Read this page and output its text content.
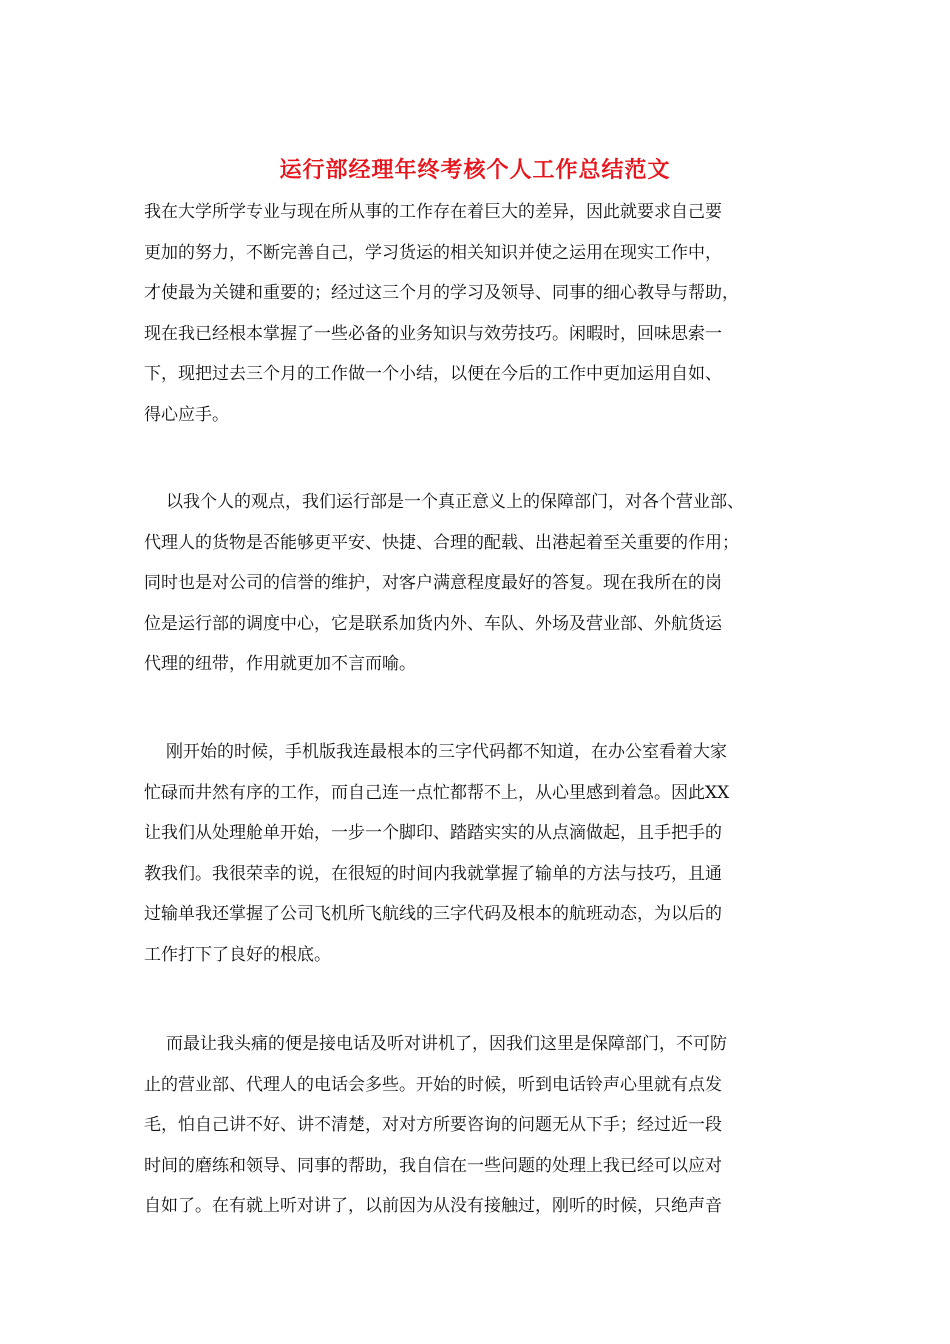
运行部经理年终考核个人工作总结范文

我在大学所学专业与现在所从事的工作存在着巨大的差异，因此就要求自己要
更加的努力，不断完善自己，学习货运的相关知识并使之运用在现实工作中，
才使最为关键和重要的；经过这三个月的学习及领导、同事的细心教导与帮助，
现在我已经根本掌握了一些必备的业务知识与效劳技巧。闲暇时，回味思索一
下，现把过去三个月的工作做一个小结，以便在今后的工作中更加运用自如、
得心应手。

以我个人的观点，我们运行部是一个真正意义上的保障部门，对各个营业部、
代理人的货物是否能够更平安、快捷、合理的配载、出港起着至关重要的作用；
同时也是对公司的信誉的维护，对客户满意程度最好的答复。现在我所在的岗
位是运行部的调度中心，它是联系加货内外、车队、外场及营业部、外航货运
代理的纽带，作用就更加不言而喻。

刚开始的时候，手机版我连最根本的三字代码都不知道，在办公室看着大家
忙碌而井然有序的工作，而自己连一点忙都帮不上，从心里感到着急。因此XX
让我们从处理舱单开始，一步一个脚印、踏踏实实的从点滴做起，且手把手的
教我们。我很荣幸的说，在很短的时间内我就掌握了输单的方法与技巧，且通
过输单我还掌握了公司飞机所飞航线的三字代码及根本的航班动态，为以后的
工作打下了良好的根底。

而最让我头痛的便是接电话及听对讲机了，因我们这里是保障部门，不可防
止的营业部、代理人的电话会多些。开始的时候，听到电话铃声心里就有点发
毛，怕自己讲不好、讲不清楚，对对方所要咨询的问题无从下手；经过近一段
时间的磨练和领导、同事的帮助，我自信在一些问题的处理上我已经可以应对
自如了。在有就上听对讲了，以前因为从没有接触过，刚听的时候，只绝声音
